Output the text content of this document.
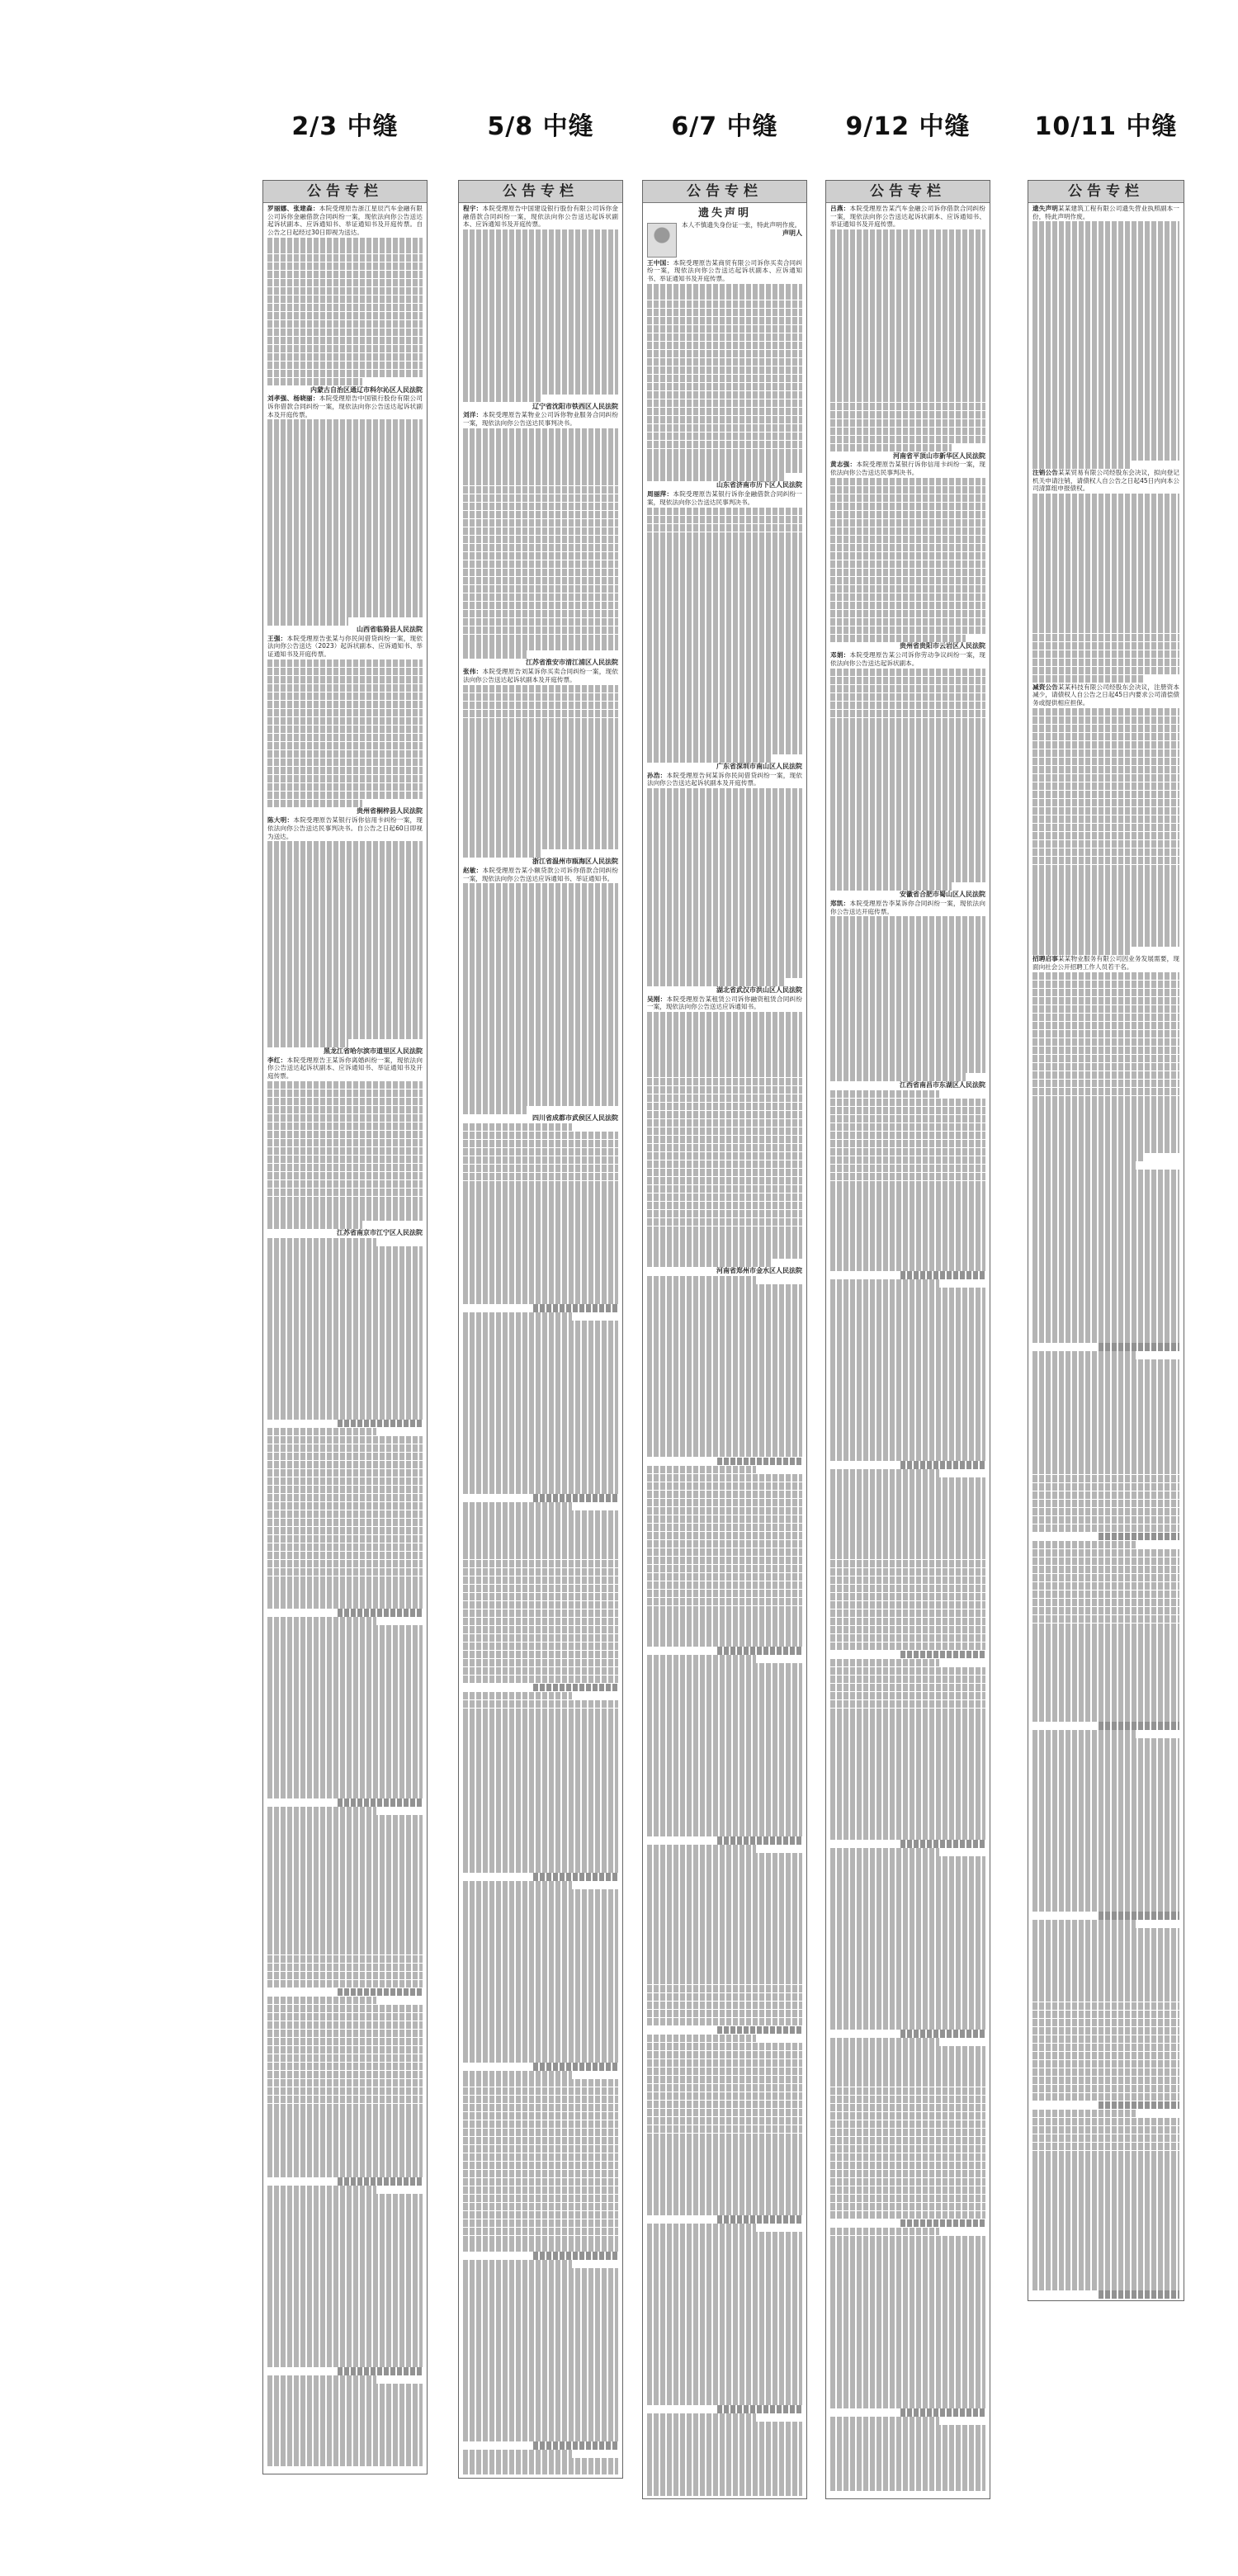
2/3 中缝	5/8 中缝	6/7 中缝	9/12 中缝	10/11 中缝
公告专栏

罗丽娜、张建森：本院受理原告浙江星辰汽车金融有限公司诉你金融借款合同纠纷一案，现依法向你公告送达起诉状副本、应诉通知书、举证通知书及开庭传票。自公告之日起经过30日即视为送达。

内蒙古自治区通辽市科尔沁区人民法院

刘孝强、杨晓丽：本院受理原告中国银行股份有限公司诉你借款合同纠纷一案，现依法向你公告送达起诉状副本及开庭传票。

山西省临猗县人民法院

王强：本院受理原告张某与你民间借贷纠纷一案，现依法向你公告送达（2023）起诉状副本、应诉通知书、举证通知书及开庭传票。

贵州省桐梓县人民法院

陈大明：本院受理原告某银行诉你信用卡纠纷一案，现依法向你公告送达民事判决书。自公告之日起60日即视为送达。

黑龙江省哈尔滨市道里区人民法院

李红：本院受理原告王某诉你离婚纠纷一案，现依法向你公告送达起诉状副本、应诉通知书、举证通知书及开庭传票。

江苏省南京市江宁区人民法院

公告专栏

程宇：本院受理原告中国建设银行股份有限公司诉你金融借款合同纠纷一案，现依法向你公告送达起诉状副本、应诉通知书及开庭传票。

辽宁省沈阳市铁西区人民法院

刘洋：本院受理原告某物业公司诉你物业服务合同纠纷一案，现依法向你公告送达民事判决书。

江苏省淮安市清江浦区人民法院

张伟：本院受理原告刘某诉你买卖合同纠纷一案，现依法向你公告送达起诉状副本及开庭传票。

浙江省温州市瓯海区人民法院

赵敏：本院受理原告某小额贷款公司诉你借款合同纠纷一案，现依法向你公告送达应诉通知书、举证通知书。

四川省成都市武侯区人民法院

公告专栏
遗失声明

本人不慎遗失身份证一张，特此声明作废。

声明人

王中国：本院受理原告某商贸有限公司诉你买卖合同纠纷一案，现依法向你公告送达起诉状副本、应诉通知书、举证通知书及开庭传票。

山东省济南市历下区人民法院

周丽萍：本院受理原告某银行诉你金融借款合同纠纷一案，现依法向你公告送达民事判决书。

广东省深圳市南山区人民法院

孙浩：本院受理原告何某诉你民间借贷纠纷一案，现依法向你公告送达起诉状副本及开庭传票。

湖北省武汉市洪山区人民法院

吴刚：本院受理原告某租赁公司诉你融资租赁合同纠纷一案，现依法向你公告送达应诉通知书。

河南省郑州市金水区人民法院

公告专栏

吕燕：本院受理原告某汽车金融公司诉你借款合同纠纷一案，现依法向你公告送达起诉状副本、应诉通知书、举证通知书及开庭传票。

河南省平顶山市新华区人民法院

黄志强：本院受理原告某银行诉你信用卡纠纷一案，现依法向你公告送达民事判决书。

贵州省贵阳市云岩区人民法院

邓娟：本院受理原告某公司诉你劳动争议纠纷一案，现依法向你公告送达起诉状副本。

安徽省合肥市蜀山区人民法院

郑凯：本院受理原告李某诉你合同纠纷一案，现依法向你公告送达开庭传票。

江西省南昌市东湖区人民法院

公告专栏

遗失声明某某建筑工程有限公司遗失营业执照副本一份，特此声明作废。

注销公告某某贸易有限公司经股东会决议，拟向登记机关申请注销，请债权人自公告之日起45日内向本公司清算组申报债权。

减资公告某某科技有限公司经股东会决议，注册资本减少，请债权人自公告之日起45日内要求公司清偿债务或提供相应担保。

招聘启事某某物业服务有限公司因业务发展需要，现面向社会公开招聘工作人员若干名。
